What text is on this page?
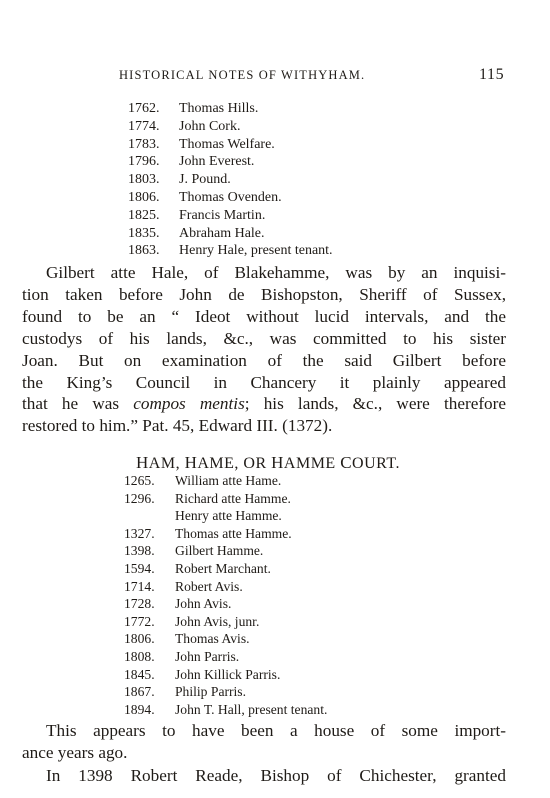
HISTORICAL NOTES OF WITHYHAM.	115
1762. Thomas Hills.
1774. John Cork.
1783. Thomas Welfare.
1796. John Everest.
1803. J. Pound.
1806. Thomas Ovenden.
1825. Francis Martin.
1835. Abraham Hale.
1863. Henry Hale, present tenant.

Gilbert atte Hale, of Blakehamme, was by an inquisi-
tion taken before John de Bishopston, Sheriff of Sussex,
found to be an “ Ideot without lucid intervals, and the
custodys of his lands, &c., was committed to his sister
Joan. But on examination of the said Gilbert before
the King’s Council in Chancery it plainly appeared
that he was compos mentis; his lands, &c., were therefore
restored to him.” Pat. 45, Edward III. (1372).

HAM, HAME, OR HAMME COURT.
1265. William atte Hame.
1296. Richard atte Hamme.
Henry atte Hamme.
1327. Thomas atte Hamme.
1398. Gilbert Hamme.
1594. Robert Marchant.
1714. Robert Avis.
1728. John Avis.
1772. John Avis, junr.
1806. Thomas Avis.
1808. John Parris.
1845. John Killick Parris.
1867. Philip Parris.
1894. John T. Hall, present tenant.

This appears to have been a house of some import-
ance years ago.

In 1398 Robert Reade, Bishop of Chichester, granted
